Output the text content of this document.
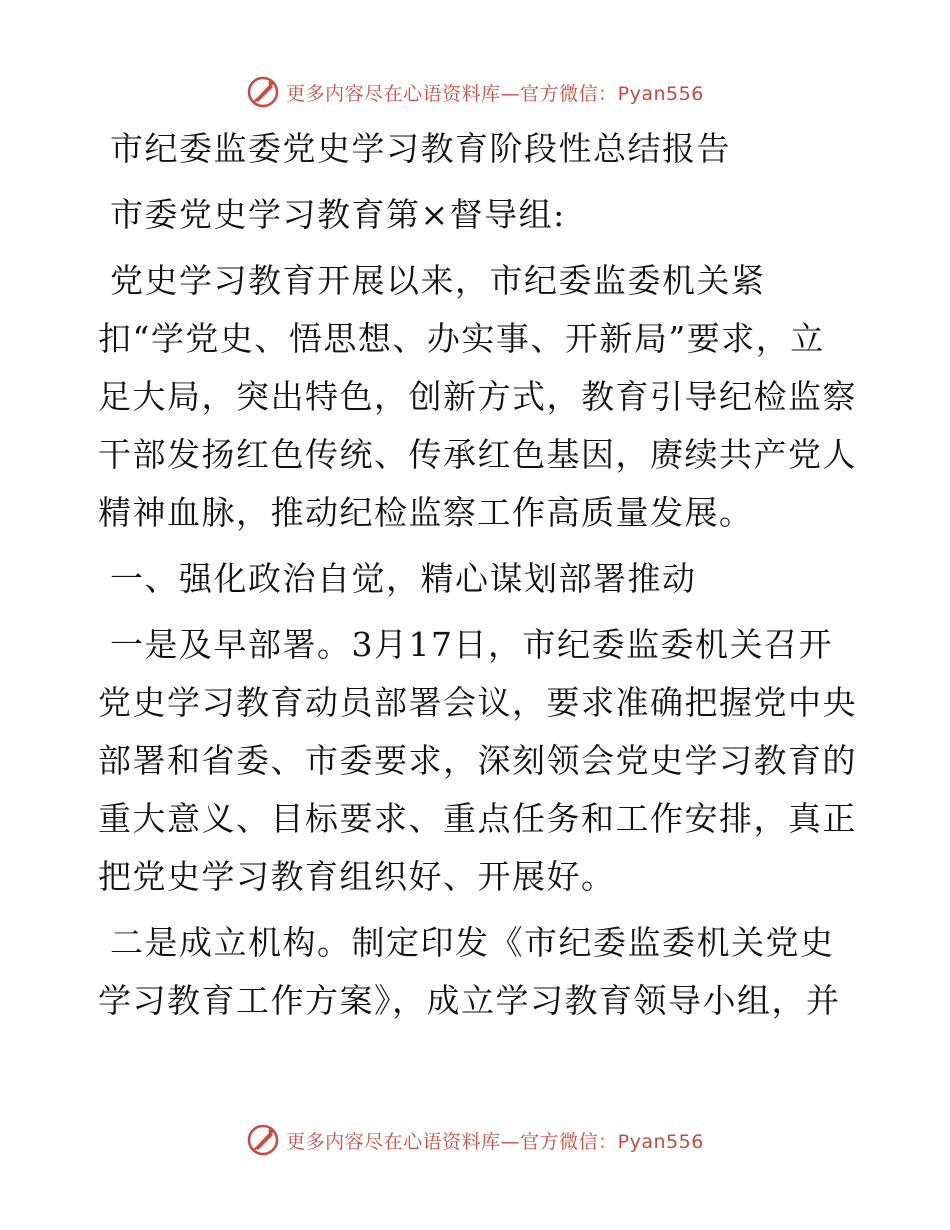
更多内容尽在心语资料库—官方微信：Pyan556
市纪委监委党史学习教育阶段性总结报告
市委党史学习教育第×督导组:
党史学习教育开展以来，市纪委监委机关紧
扣“学党史、悟思想、办实事、开新局”要求，立
足大局，突出特色，创新方式，教育引导纪检监察
干部发扬红色传统、传承红色基因，赓续共产党人
精神血脉，推动纪检监察工作高质量发展。
一、强化政治自觉，精心谋划部署推动
一是及早部署。3月17日，市纪委监委机关召开
党史学习教育动员部署会议，要求准确把握党中央
部署和省委、市委要求，深刻领会党史学习教育的
重大意义、目标要求、重点任务和工作安排，真正
把党史学习教育组织好、开展好。
二是成立机构。制定印发《市纪委监委机关党史
学习教育工作方案》，成立学习教育领导小组，并
更多内容尽在心语资料库—官方微信：Pyan556
